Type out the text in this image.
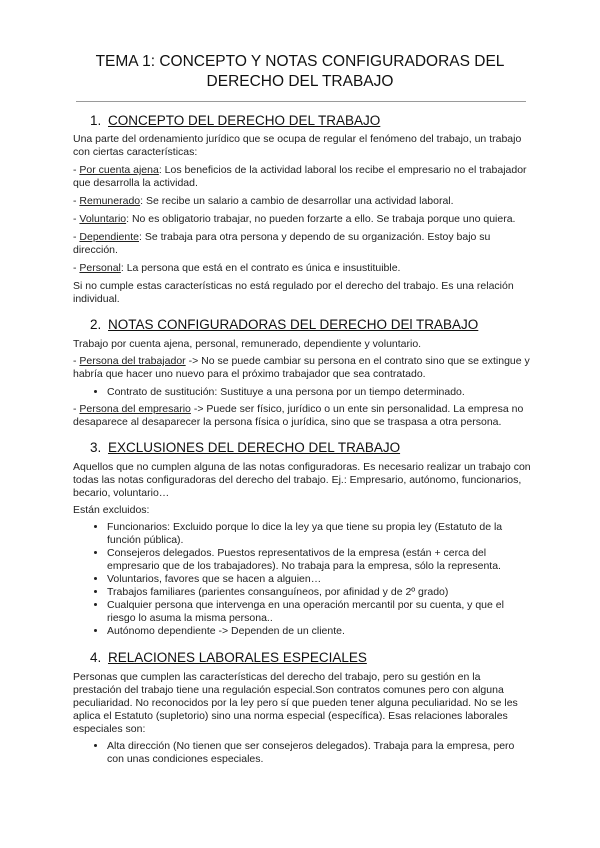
TEMA 1: CONCEPTO Y NOTAS CONFIGURADORAS DEL DERECHO DEL TRABAJO
1. CONCEPTO DEL DERECHO DEL TRABAJO

Una parte del ordenamiento jurídico que se ocupa de regular el fenómeno del trabajo, un trabajo con ciertas características:

- Por cuenta ajena: Los beneficios de la actividad laboral los recibe el empresario no el trabajador que desarrolla la actividad.

- Remunerado: Se recibe un salario a cambio de desarrollar una actividad laboral.

- Voluntario: No es obligatorio trabajar, no pueden forzarte a ello. Se trabaja porque uno quiera.

- Dependiente: Se trabaja para otra persona y dependo de su organización. Estoy bajo su dirección.

- Personal: La persona que está en el contrato es única e insustituible.

Si no cumple estas características no está regulado por el derecho del trabajo. Es una relación individual.

2. NOTAS CONFIGURADORAS DEL DERECHO DEl TRABAJO

Trabajo por cuenta ajena, personal, remunerado, dependiente y voluntario.

- Persona del trabajador -> No se puede cambiar su persona en el contrato sino que se extingue y habría que hacer uno nuevo para el próximo trabajador que sea contratado.

• Contrato de sustitución: Sustituye a una persona por un tiempo determinado.

- Persona del empresario -> Puede ser físico, jurídico o un ente sin personalidad. La empresa no desaparece al desaparecer la persona física o jurídica, sino que se traspasa a otra persona.

3. EXCLUSIONES DEL DERECHO DEL TRABAJO

Aquellos que no cumplen alguna de las notas configuradoras. Es necesario realizar un trabajo con todas las notas configuradoras del derecho del trabajo. Ej.: Empresario, autónomo, funcionarios, becario, voluntario…

Están excluidos:

• Funcionarios: Excluido porque lo dice la ley ya que tiene su propia ley (Estatuto de la función pública).
• Consejeros delegados. Puestos representativos de la empresa (están + cerca del empresario que de los trabajadores). No trabaja para la empresa, sólo la representa.
• Voluntarios, favores que se hacen a alguien…
• Trabajos familiares (parientes consanguíneos, por afinidad y de 2º grado)
• Cualquier persona que intervenga en una operación mercantil por su cuenta, y que el riesgo lo asuma la misma persona..
• Autónomo dependiente -> Dependen de un cliente.
4. RELACIONES LABORALES ESPECIALES

Personas que cumplen las características del derecho del trabajo, pero su gestión en la prestación del trabajo tiene una regulación especial.Son contratos comunes pero con alguna peculiaridad. No reconocidos por la ley pero sí que pueden tener alguna peculiaridad. No se les aplica el Estatuto (supletorio) sino una norma especial (específica). Esas relaciones laborales especiales son:

• Alta dirección (No tienen que ser consejeros delegados). Trabaja para la empresa, pero con unas condiciones especiales.
